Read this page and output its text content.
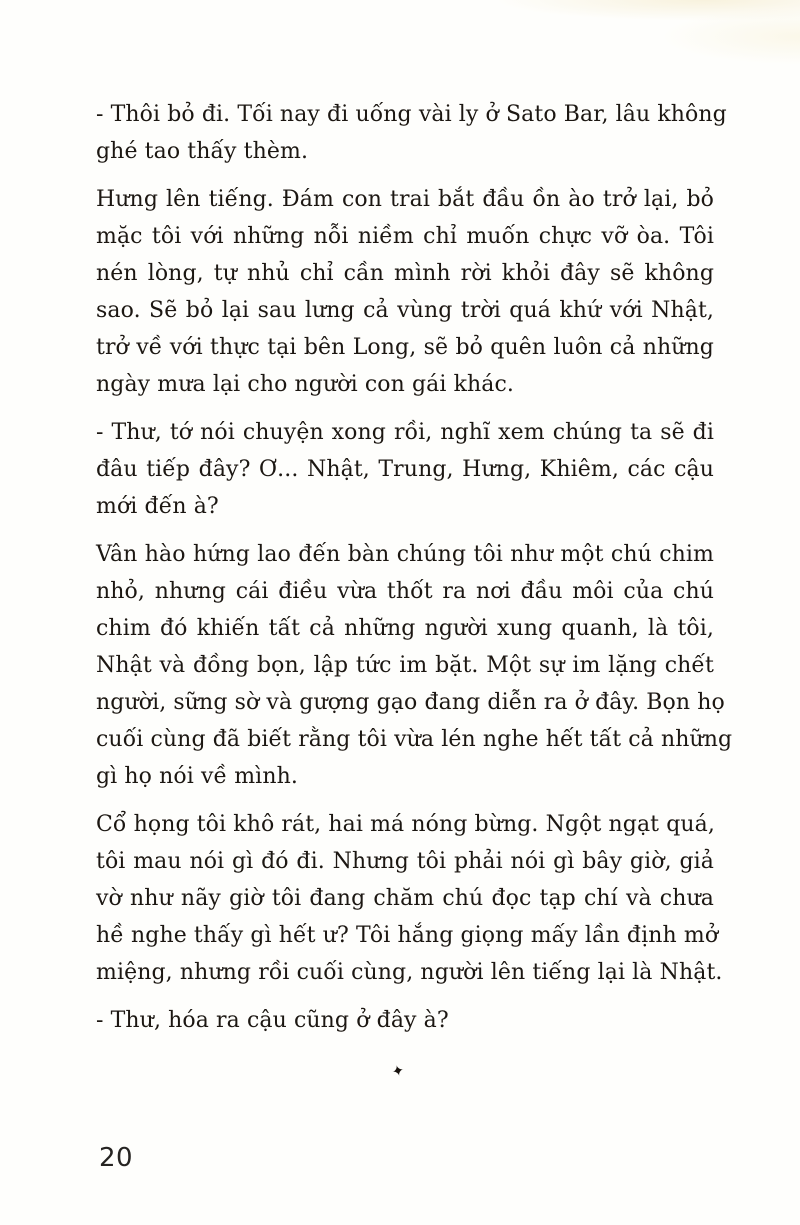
- Thôi bỏ đi. Tối nay đi uống vài ly ở Sato Bar, lâu không
ghé tao thấy thèm.

Hưng lên tiếng. Đám con trai bắt đầu ồn ào trở lại, bỏ
mặc tôi với những nỗi niềm chỉ muốn chực vỡ òa. Tôi
nén lòng, tự nhủ chỉ cần mình rời khỏi đây sẽ không
sao. Sẽ bỏ lại sau lưng cả vùng trời quá khứ với Nhật,
trở về với thực tại bên Long, sẽ bỏ quên luôn cả những
ngày mưa lại cho người con gái khác.

- Thư, tớ nói chuyện xong rồi, nghĩ xem chúng ta sẽ đi
đâu tiếp đây? Ơ... Nhật, Trung, Hưng, Khiêm, các cậu
mới đến à?

Vân hào hứng lao đến bàn chúng tôi như một chú chim
nhỏ, nhưng cái điều vừa thốt ra nơi đầu môi của chú
chim đó khiến tất cả những người xung quanh, là tôi,
Nhật và đồng bọn, lập tức im bặt. Một sự im lặng chết
người, sững sờ và gượng gạo đang diễn ra ở đây. Bọn họ
cuối cùng đã biết rằng tôi vừa lén nghe hết tất cả những
gì họ nói về mình.

Cổ họng tôi khô rát, hai má nóng bừng. Ngột ngạt quá,
tôi mau nói gì đó đi. Nhưng tôi phải nói gì bây giờ, giả
vờ như nãy giờ tôi đang chăm chú đọc tạp chí và chưa
hề nghe thấy gì hết ư? Tôi hắng giọng mấy lần định mở
miệng, nhưng rồi cuối cùng, người lên tiếng lại là Nhật.

- Thư, hóa ra cậu cũng ở đây à?

✦
20
